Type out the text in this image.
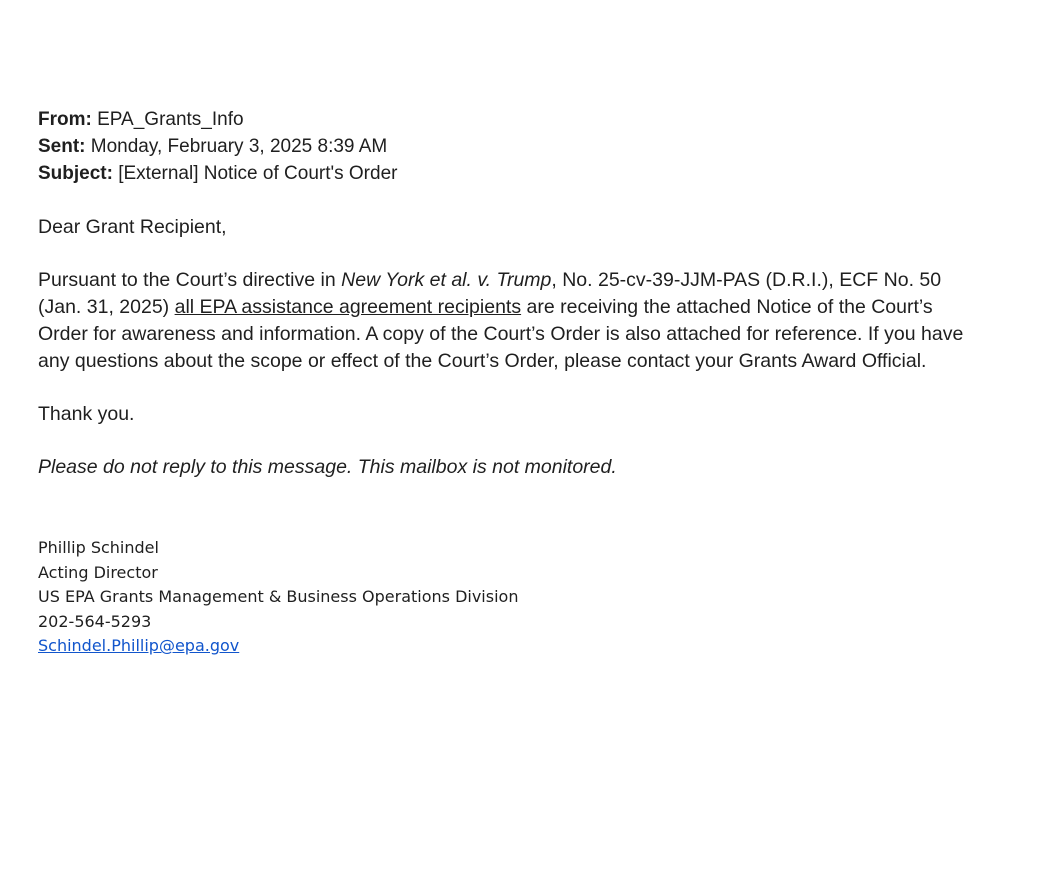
From: EPA_Grants_Info
Sent: Monday, February 3, 2025 8:39 AM
Subject: [External] Notice of Court's Order

Dear Grant Recipient,

Pursuant to the Court’s directive in New York et al. v. Trump, No. 25-cv-39-JJM-PAS (D.R.I.), ECF No. 50 (Jan. 31, 2025) all EPA assistance agreement recipients are receiving the attached Notice of the Court’s Order for awareness and information. A copy of the Court’s Order is also attached for reference. If you have any questions about the scope or effect of the Court’s Order, please contact your Grants Award Official.

Thank you.

Please do not reply to this message. This mailbox is not monitored.

Phillip Schindel
Acting Director
US EPA Grants Management & Business Operations Division
202-564-5293
Schindel.Phillip@epa.gov
